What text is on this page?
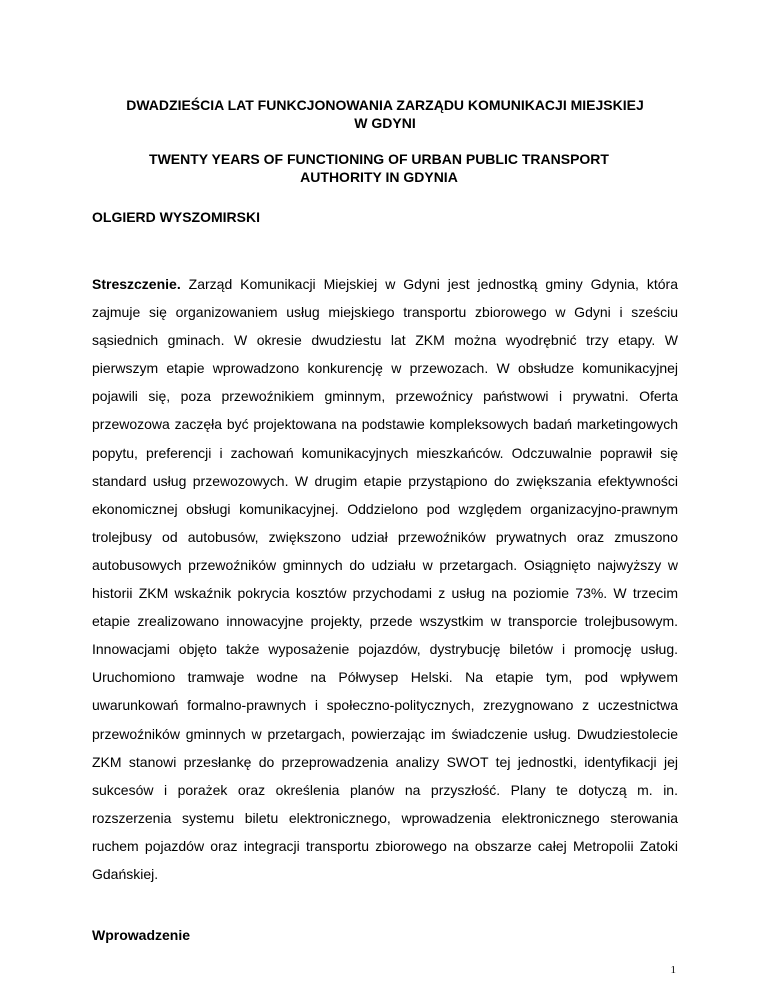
DWADZIEŚCIA LAT FUNKCJONOWANIA ZARZĄDU KOMUNIKACJI MIEJSKIEJ
W GDYNI

TWENTY YEARS OF FUNCTIONING OF URBAN PUBLIC TRANSPORT
AUTHORITY IN GDYNIA

OLGIERD WYSZOMIRSKI

Streszczenie. Zarząd Komunikacji Miejskiej w Gdyni jest jednostką gminy Gdynia, która zajmuje się organizowaniem usług miejskiego transportu zbiorowego w Gdyni i sześciu sąsiednich gminach. W okresie dwudziestu lat ZKM można wyodrębnić trzy etapy. W pierwszym etapie wprowadzono konkurencję w przewozach. W obsłudze komunikacyjnej pojawili się, poza przewoźnikiem gminnym, przewoźnicy państwowi i prywatni. Oferta przewozowa zaczęła być projektowana na podstawie kompleksowych badań marketingowych popytu, preferencji i zachowań komunikacyjnych mieszkańców. Odczuwalnie poprawił się standard usług przewozowych. W drugim etapie przystąpiono do zwiększania efektywności ekonomicznej obsługi komunikacyjnej. Oddzielono pod względem organizacyjno-prawnym trolejbusy od autobusów, zwiększono udział przewoźników prywatnych oraz zmuszono autobusowych przewoźników gminnych do udziału w przetargach. Osiągnięto najwyższy w historii ZKM wskaźnik pokrycia kosztów przychodami z usług na poziomie 73%. W trzecim etapie zrealizowano innowacyjne projekty, przede wszystkim w transporcie trolejbusowym. Innowacjami objęto także wyposażenie pojazdów, dystrybucję biletów i promocję usług. Uruchomiono tramwaje wodne na Półwysep Helski. Na etapie tym, pod wpływem uwarunkowań formalno-prawnych i społeczno-politycznych, zrezygnowano z uczestnictwa przewoźników gminnych w przetargach, powierzając im świadczenie usług. Dwudziestolecie ZKM stanowi przesłankę do przeprowadzenia analizy SWOT tej jednostki, identyfikacji jej sukcesów i porażek oraz określenia planów na przyszłość. Plany te dotyczą m. in. rozszerzenia systemu biletu elektronicznego, wprowadzenia elektronicznego sterowania ruchem pojazdów oraz integracji transportu zbiorowego na obszarze całej Metropolii Zatoki Gdańskiej.

Wprowadzenie

1
